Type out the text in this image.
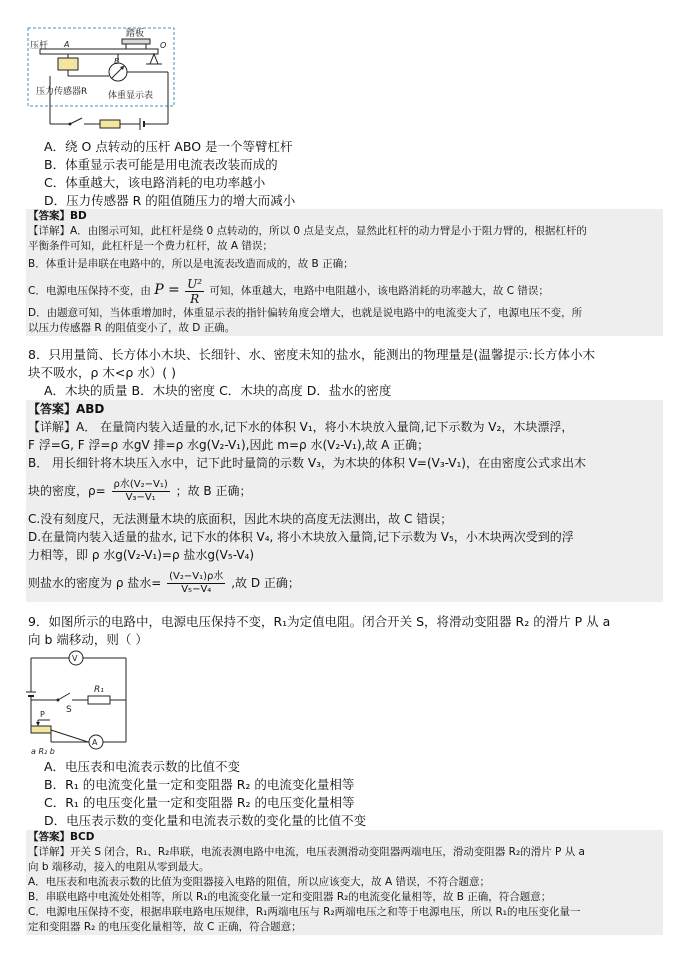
踏板
压杆 A	O
B
压力传感器R 体重显示表
A．绕 O 点转动的压杆 ABO 是一个等臂杠杆
B．体重显示表可能是用电流表改装而成的
C．体重越大，该电路消耗的电功率越小
D．压力传感器 R 的阻值随压力的增大而减小
【答案】BD
【详解】A．由图示可知，此杠杆是绕 0 点转动的，所以 0 点是支点，显然此杠杆的动力臂是小于阻力臂的，根据杠杆的
平衡条件可知，此杠杆是一个费力杠杆，故 A 错误；
B．体重计是串联在电路中的，所以是电流表改造而成的，故 B 正确；
C．电源电压保持不变，由 $P = \frac{\text{U²}}{R}$ 可知，体重越大，电路中电阻越小，该电路消耗的功率越大，故 C 错误；
D．由题意可知，当体重增加时，体重显示表的指针偏转角度会增大，也就是说电路中的电流变大了，电源电压不变，所
以压力传感器 R 的阻值变小了，故 D 正确。
8．只用量筒、长方体小木块、长细针、水、密度未知的盐水，能测出的物理量是(温馨提示:长方体小木
块不吸水，ρ 木<ρ 水）( )
A．木块的质量 B．木块的密度 C．木块的高度 D．盐水的密度
【答案】ABD
【详解】A． 在量筒内装入适量的水,记下水的体积 V₁，将小木块放入量筒,记下示数为 V₂，木块漂浮，
F 浮=G, F 浮=ρ 水gV 排=ρ 水g(V₂-V₁),因此 m=ρ 水(V₂-V₁),故 A 正确；
B． 用长细针将木块压入水中，记下此时量筒的示数 V₃，为木块的体积 V=(V₃-V₁)，在由密度公式求出木
块的密度，$\rho= \frac{\text{ρ水(V₂−V₁)}}{\text{V₃−V₁}}$ ；故 B 正确；
C.没有刻度尺，无法测量木块的底面积，因此木块的高度无法测出，故 C 错误；
D.在量筒内装入适量的盐水, 记下水的体积 V₄, 将小木块放入量筒,记下示数为 V₅，小木块两次受到的浮
力相等，即 ρ 水g(V₂-V₁)=ρ 盐水g(V₅-V₄)
则盐水的密度为 ρ 盐水= $\frac{\text{(V₂−V₁)ρ水}}{\text{V₅−V₄}}$ ,故 D 正确；
9．如图所示的电路中，电源电压保持不变，R₁为定值电阻。闭合开关 S，将滑动变阻器 R₂ 的滑片 P 从 a
向 b 端移动，则（ ）
V
A
R₁
S
P
a R₂ b
A．电压表和电流表示数的比值不变
B．R₁ 的电流变化量一定和变阻器 R₂ 的电流变化量相等
C．R₁ 的电压变化量一定和变阻器 R₂ 的电压变化量相等
D．电压表示数的变化量和电流表示数的变化量的比值不变
【答案】BCD
【详解】开关 S 闭合，R₁、R₂串联，电流表测电路中电流，电压表测滑动变阻器两端电压，滑动变阻器 R₂的滑片 P 从 a
向 b 端移动，接入的电阻从零到最大。
A．电压表和电流表示数的比值为变阻器接入电路的阻值，所以应该变大，故 A 错误，不符合题意；
B．串联电路中电流处处相等，所以 R₁的电流变化量一定和变阻器 R₂的电流变化量相等，故 B 正确，符合题意；
C．电源电压保持不变，根据串联电路电压规律，R₁两端电压与 R₂两端电压之和等于电源电压，所以 R₁的电压变化量一
定和变阻器 R₂ 的电压变化量相等，故 C 正确，符合题意；
